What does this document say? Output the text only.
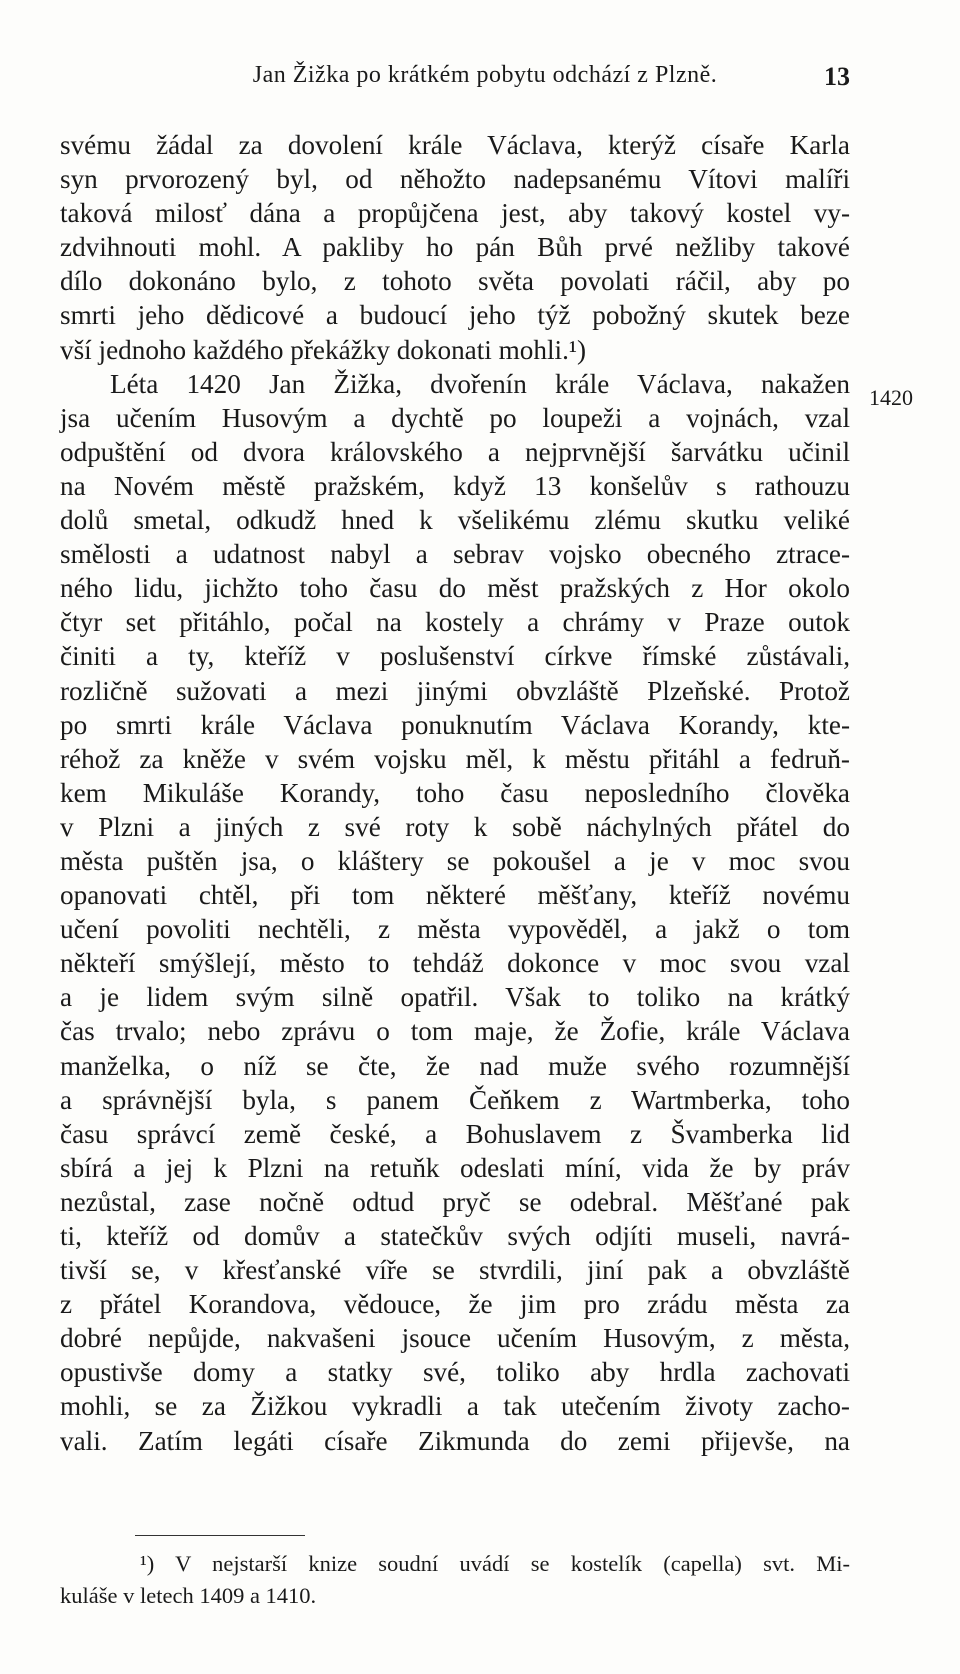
Jan Žižka po krátkém pobytu odchází z Plzně.	13
1420
svému žádal za dovolení krále Václava, kterýž císaře Karla
syn prvorozený byl, od něhožto nadepsanému Vítovi malíři
taková milosť dána a propůjčena jest, aby takový kostel vy-
zdvihnouti mohl. A pakliby ho pán Bůh prvé nežliby takové
dílo dokonáno bylo, z tohoto světa povolati ráčil, aby po
smrti jeho dědicové a budoucí jeho týž pobožný skutek beze
vší jednoho každého překážky dokonati mohli.¹)
Léta 1420 Jan Žižka, dvořenín krále Václava, nakažen
jsa učením Husovým a dychtě po loupeži a vojnách, vzal
odpuštění od dvora královského a nejprvnější šarvátku učinil
na Novém městě pražském, když 13 konšelův s rathouzu
dolů smetal, odkudž hned k všelikému zlému skutku veliké
smělosti a udatnost nabyl a sebrav vojsko obecného ztrace-
ného lidu, jichžto toho času do měst pražských z Hor okolo
čtyr set přitáhlo, počal na kostely a chrámy v Praze outok
činiti a ty, kteříž v poslušenství církve římské zůstávali,
rozličně sužovati a mezi jinými obvzláště Plzeňské. Protož
po smrti krále Václava ponuknutím Václava Korandy, kte-
réhož za kněže v svém vojsku měl, k městu přitáhl a fedruň-
kem Mikuláše Korandy, toho času neposledního člověka
v Plzni a jiných z své roty k sobě náchylných přátel do
města puštěn jsa, o kláštery se pokoušel a je v moc svou
opanovati chtěl, při tom některé měšťany, kteříž novému
učení povoliti nechtěli, z města vypověděl, a jakž o tom
někteří smýšlejí, město to tehdáž dokonce v moc svou vzal
a je lidem svým silně opatřil. Však to toliko na krátký
čas trvalo; nebo zprávu o tom maje, že Žofie, krále Václava
manželka, o níž se čte, že nad muže svého rozumnější
a správnější byla, s panem Čeňkem z Wartmberka, toho
času správcí země české, a Bohuslavem z Švamberka lid
sbírá a jej k Plzni na retuňk odeslati míní, vida že by práv
nezůstal, zase nočně odtud pryč se odebral. Měšťané pak
ti, kteříž od domův a statečkův svých odjíti museli, navrá-
tivší se, v křesťanské víře se stvrdili, jiní pak a obvzláště
z přátel Korandova, vědouce, že jim pro zrádu města za
dobré nepůjde, nakvašeni jsouce učením Husovým, z města,
opustivše domy a statky své, toliko aby hrdla zachovati
mohli, se za Žižkou vykradli a tak utečením životy zacho-
vali. Zatím legáti císaře Zikmunda do zemi přijevše, na
¹) V nejstarší knize soudní uvádí se kostelík (capella) svt. Mi-
kuláše v letech 1409 a 1410.
